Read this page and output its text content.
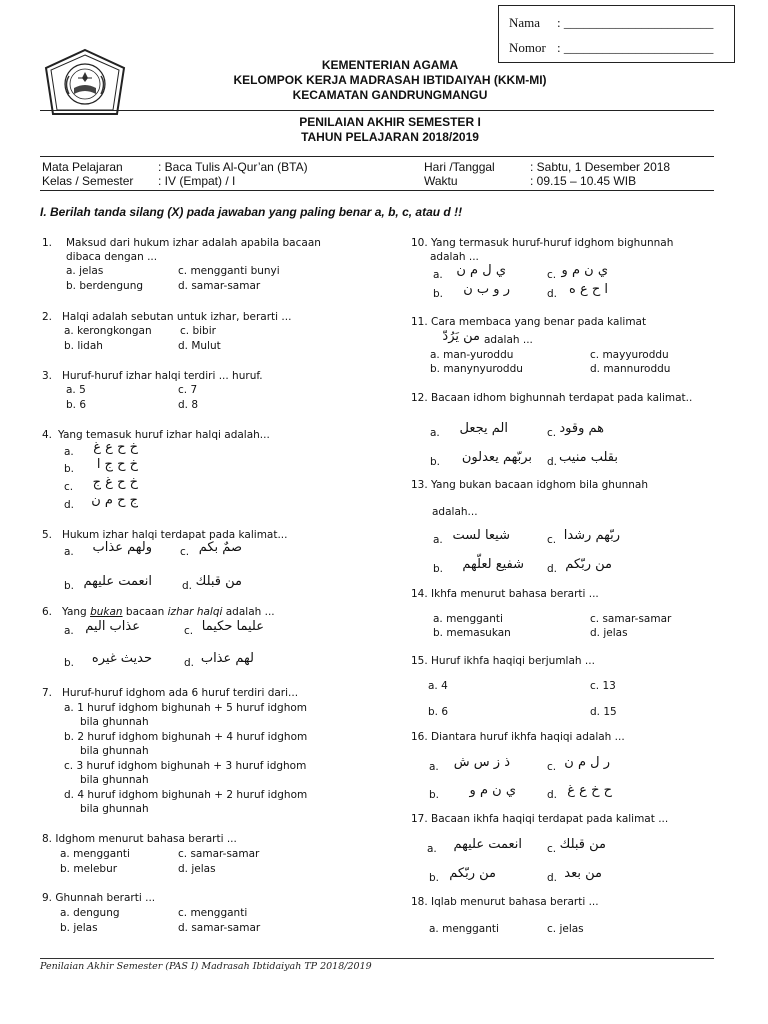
Nama : _______________________
Nomor : _______________________
KEMENTERIAN AGAMA
KELOMPOK KERJA MADRASAH IBTIDAIYAH (KKM-MI)
KECAMATAN GANDRUNGMANGU
PENILAIAN AKHIR SEMESTER I
TAHUN PELAJARAN 2018/2019
Mata Pelajaran	: Baca Tulis Al-Qur’an (BTA)	Hari /Tanggal	: Sabtu, 1 Desember 2018
Kelas / Semester : IV (Empat) / I	Waktu	: 09.15 – 10.45 WIB
I. Berilah tanda silang (X) pada jawaban yang paling benar a, b, c, atau d !!
1. Maksud dari hukum izhar adalah apabila bacaan
dibaca dengan ...
a. jelas	c. mengganti bunyi
b. berdengung	d. samar-samar
2. Halqi adalah sebutan untuk izhar, berarti ...
a. kerongkongan	c. bibir
b. lidah	d. Mulut
3. Huruf-huruf izhar halqi terdiri ... huruf.
a. 5	c. 7
b. 6	d. 8
4. Yang temasuk huruf izhar halqi adalah...
a.	خ ح ع غ
b.	خ ح ج ا
c.	خ ح غ ج
d.	ج ح م ن
5. Hukum izhar halqi terdapat pada kalimat...
a.	ولهم عذاب	c. صمٌ بكم
b. انعمت عليهم	d. من قبلك
6. Yang bukan bacaan izhar halqi adalah ...
a. عذاب اليم	c. عليما حكيما
b.	حديث غيره	d. لهم عذاب
7. Huruf-huruf idghom ada 6 huruf terdiri dari...
a. 1 huruf idghom bighunah + 5 huruf idghom
bila ghunnah
b. 2 huruf idghom bighunah + 4 huruf idghom
bila ghunnah
c. 3 huruf idghom bighunah + 3 huruf idghom
bila ghunnah
d. 4 huruf idghom bighunah + 2 huruf idghom
bila ghunnah
8. Idghom menurut bahasa berarti ...
a. mengganti	c. samar-samar
b. melebur	d. jelas
9. Ghunnah berarti ...
a. dengung	c. mengganti
b. jelas	d. samar-samar
10. Yang termasuk huruf-huruf idghom bighunnah
adalah ...
a.	ي ل م ن	c. ي ن م و
b.	ر و ب ن	d. ا ح ع ه
11. Cara membaca yang benar pada kalimat
من يَرُدّ adalah ...
a. man-yuroddu	c. mayyuroddu
b. manynyuroddu	d. mannuroddu
12. Bacaan idhom bighunnah terdapat pada kalimat..
a.	الم يجعل	c. هم وقود
b.	بربّهم يعدلون d. بقلب منيب
13. Yang bukan bacaan idghom bila ghunnah
adalah...
a. شيعا لست	c. ربّهم رشدا
b.	شفيع لعلّهم d. من ربّكم
14. Ikhfa menurut bahasa berarti ...
a. mengganti	c. samar-samar
b. memasukan	d. jelas
15. Huruf ikhfa haqiqi berjumlah ...
a. 4	c. 13
b. 6	d. 15
16. Diantara huruf ikhfa haqiqi adalah ...
a.	ذ ز س ش	c. ر ل م ن
b.	ي ن م و	d. ح خ ع غ
17. Bacaan ikhfa haqiqi terdapat pada kalimat ...
a.	انعمت عليهم c. من قبلك
b. من ربّكم	d. من بعد
18. Iqlab menurut bahasa berarti ...
a. mengganti	c. jelas
Penilaian Akhir Semester (PAS I) Madrasah Ibtidaiyah TP 2018/2019
